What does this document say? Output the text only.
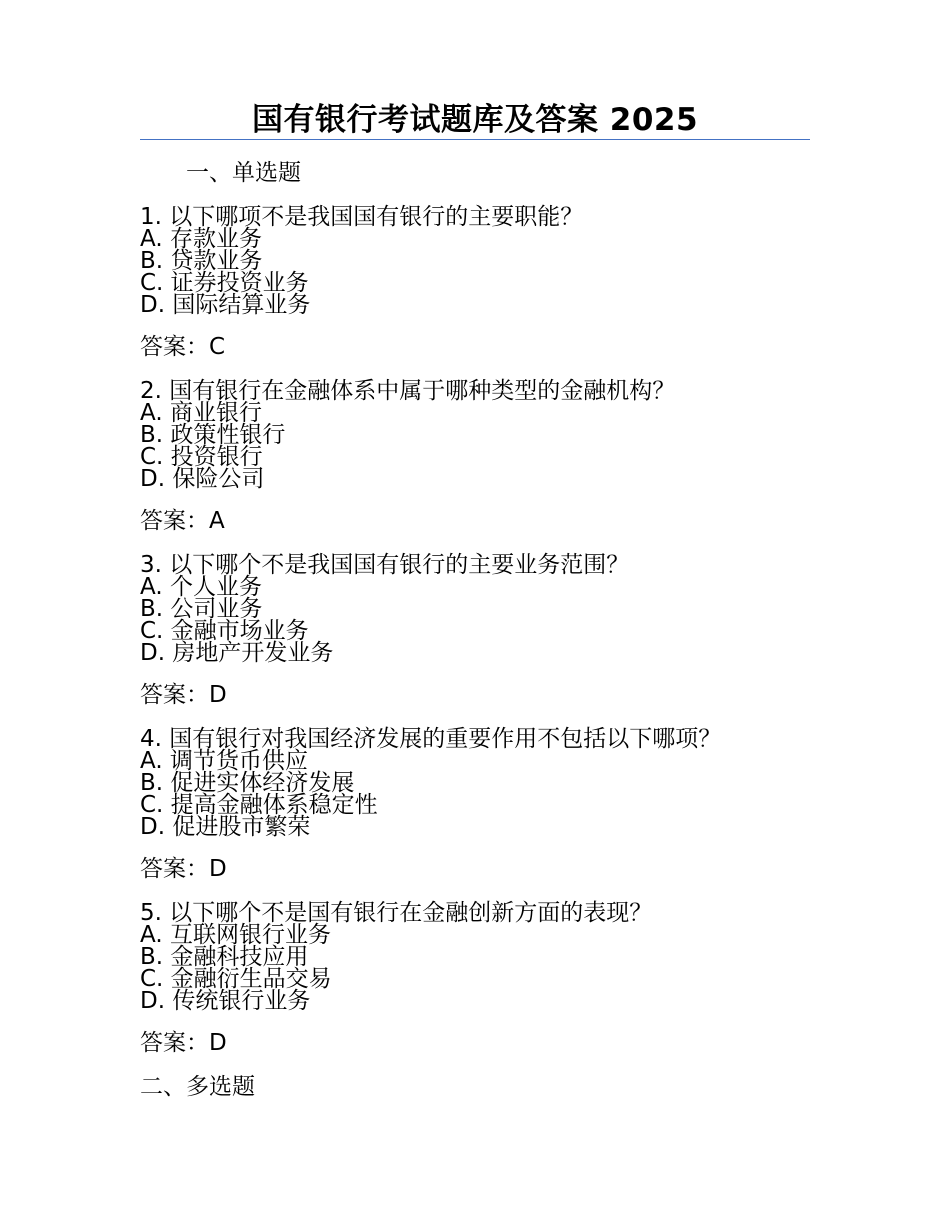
国有银行考试题库及答案 2025
一、单选题
1. 以下哪项不是我国国有银行的主要职能？
A. 存款业务
B. 贷款业务
C. 证券投资业务
D. 国际结算业务
答案：C
2. 国有银行在金融体系中属于哪种类型的金融机构？
A. 商业银行
B. 政策性银行
C. 投资银行
D. 保险公司
答案：A
3. 以下哪个不是我国国有银行的主要业务范围？
A. 个人业务
B. 公司业务
C. 金融市场业务
D. 房地产开发业务
答案：D
4. 国有银行对我国经济发展的重要作用不包括以下哪项？
A. 调节货币供应
B. 促进实体经济发展
C. 提高金融体系稳定性
D. 促进股市繁荣
答案：D
5. 以下哪个不是国有银行在金融创新方面的表现？
A. 互联网银行业务
B. 金融科技应用
C. 金融衍生品交易
D. 传统银行业务
答案：D
二、多选题
